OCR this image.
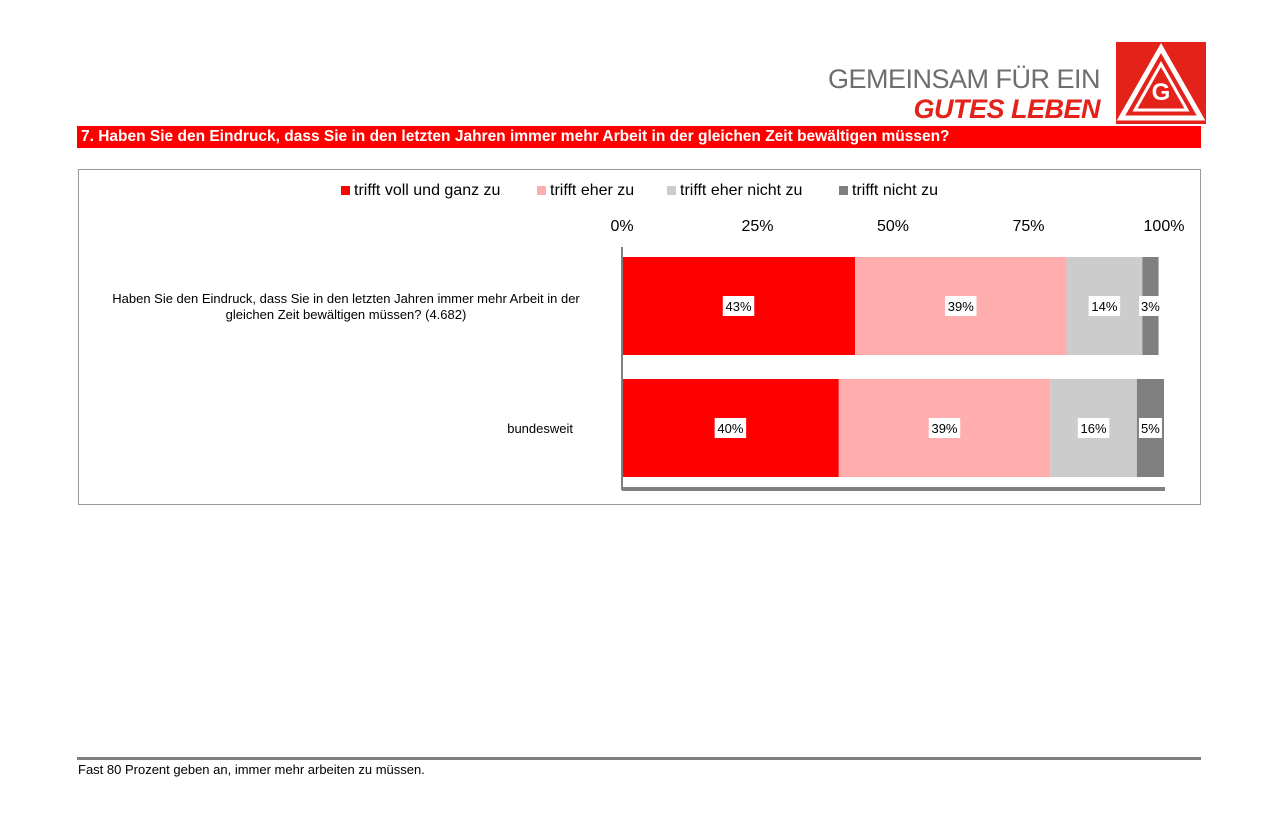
GEMEINSAM FÜR EIN
GUTES LEBEN
G
7. Haben Sie den Eindruck, dass Sie in den letzten Jahren immer mehr Arbeit in der gleichen Zeit bewältigen müssen?
trifft voll und ganz zu	trifft eher zu	trifft eher nicht zu	trifft nicht zu
0%	25%	50%	75%	100%
43%	39%	14% 3%
40%	39%	16%	5%
Haben Sie den Eindruck, dass Sie in den letzten Jahren immer mehr Arbeit in der gleichen Zeit bewältigen müssen? (4.682)
bundesweit
Fast 80 Prozent geben an, immer mehr arbeiten zu müssen.
